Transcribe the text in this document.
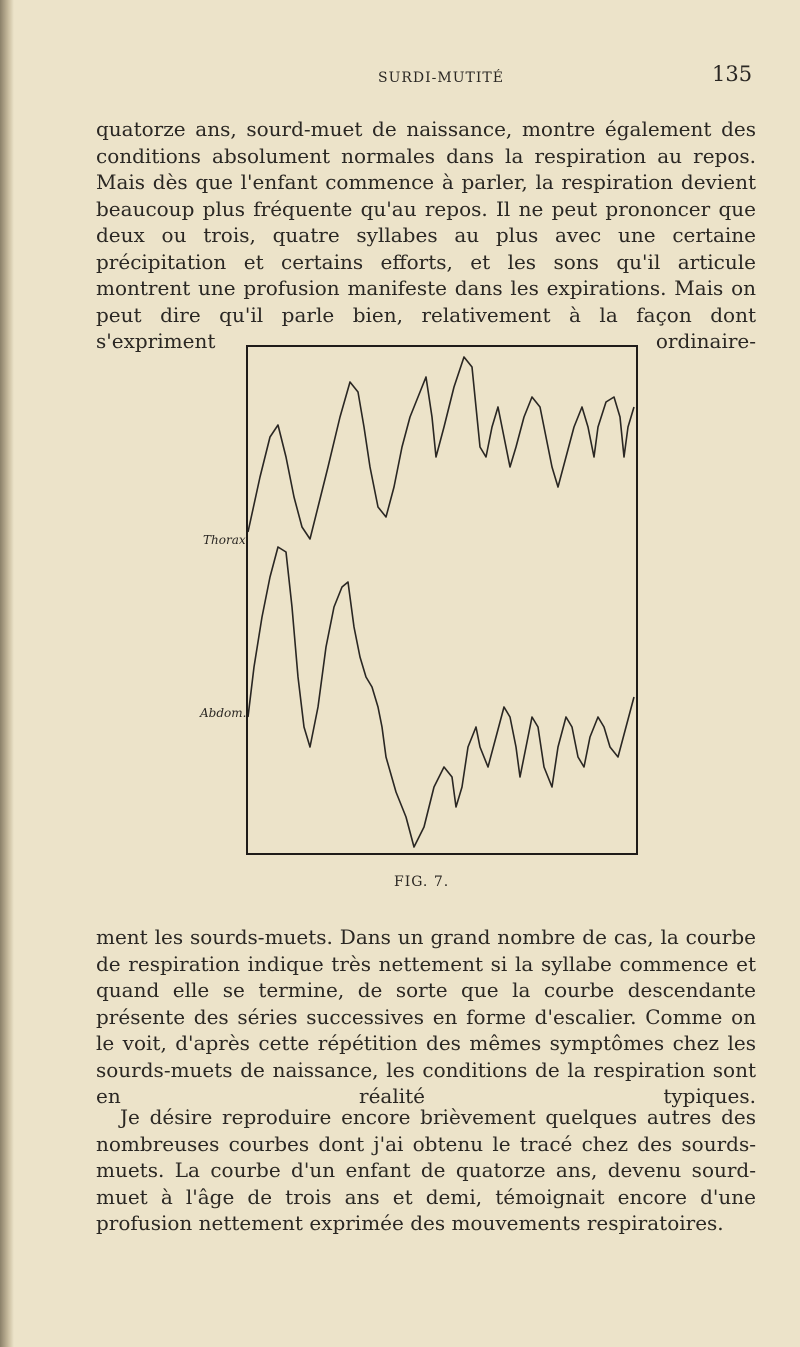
SURDI-MUTITÉ	135

quatorze ans, sourd-muet de naissance, montre également des conditions absolument normales dans la respiration au repos. Mais dès que l'enfant commence à parler, la respiration devient beaucoup plus fréquente qu'au repos. Il ne peut prononcer que deux ou trois, quatre syllabes au plus avec une certaine précipitation et certains efforts, et les sons qu'il articule montrent une profusion manifeste dans les expirations. Mais on peut dire qu'il parle bien, relativement à la façon dont s'expriment ordinaire-

Thorax
Abdom.
FIG. 7.

ment les sourds-muets. Dans un grand nombre de cas, la courbe de respiration indique très nettement si la syllabe commence et quand elle se termine, de sorte que la courbe descendante présente des séries successives en forme d'escalier. Comme on le voit, d'après cette répétition des mêmes symptômes chez les sourds-muets de naissance, les conditions de la respiration sont en réalité typiques.

Je désire reproduire encore brièvement quelques autres des nombreuses courbes dont j'ai obtenu le tracé chez des sourds-muets. La courbe d'un enfant de quatorze ans, devenu sourd-muet à l'âge de trois ans et demi, témoignait encore d'une profusion nettement exprimée des mouvements respiratoires.
